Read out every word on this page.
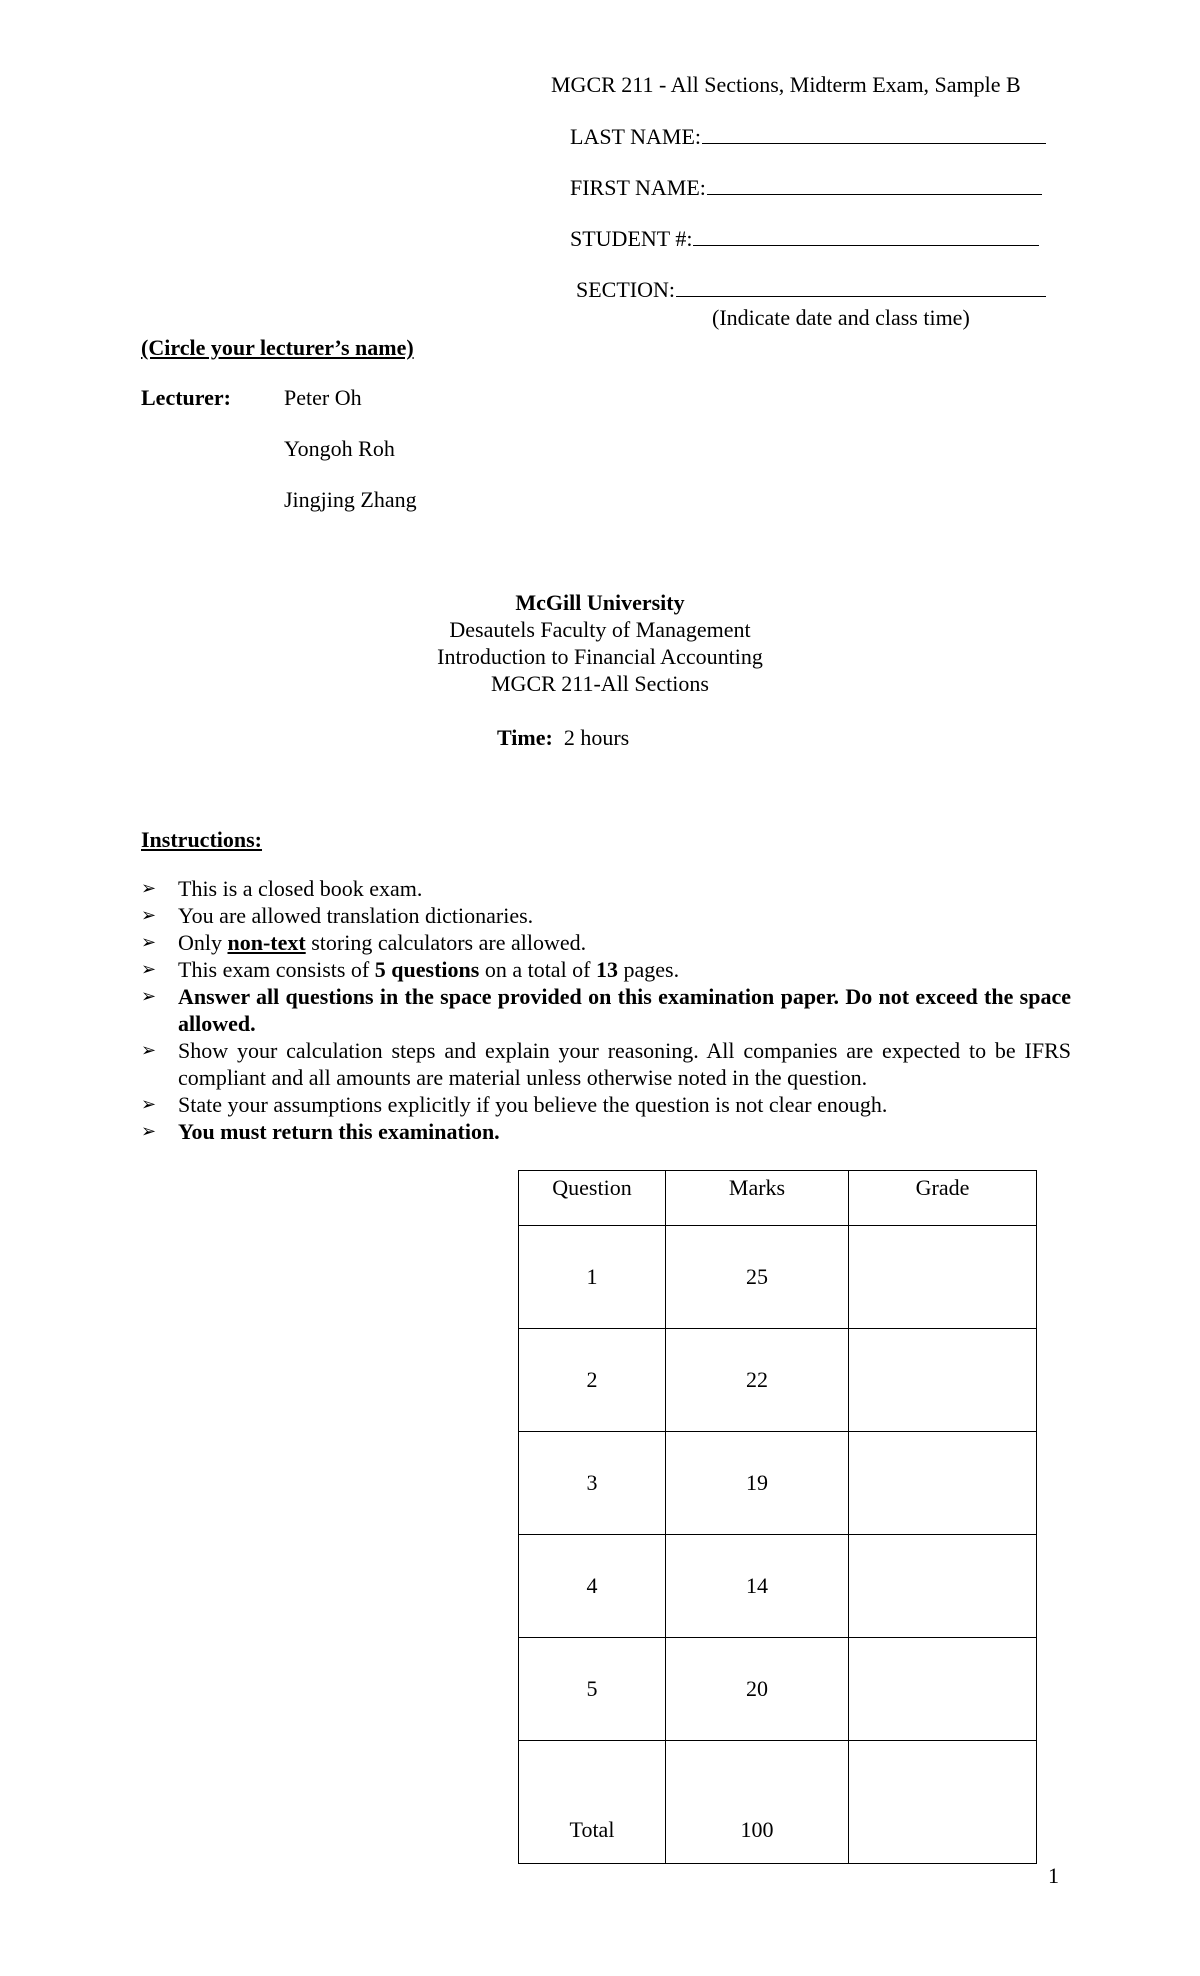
MGCR 211 - All Sections, Midterm Exam, Sample B
LAST NAME:
FIRST NAME:
STUDENT #:
SECTION:
(Indicate date and class time)
(Circle your lecturer’s name)
Lecturer: Peter Oh
Yongoh Roh
Jingjing Zhang
McGill University
Desautels Faculty of Management
Introduction to Financial Accounting
MGCR 211-All Sections
Time: 2 hours
Instructions:
➢ This is a closed book exam.
➢ You are allowed translation dictionaries.
➢ Only non-text storing calculators are allowed.
➢ This exam consists of 5 questions on a total of 13 pages.
➢ Answer all questions in the space provided on this examination paper. Do not exceed the space allowed.
➢ Show your calculation steps and explain your reasoning. All companies are expected to be IFRS compliant and all amounts are material unless otherwise noted in the question.
➢ State your assumptions explicitly if you believe the question is not clear enough.
➢ You must return this examination.
Question	Marks	Grade
1	25	
2	22	
3	19	
4	14	
5	20	
Total	100	
1
